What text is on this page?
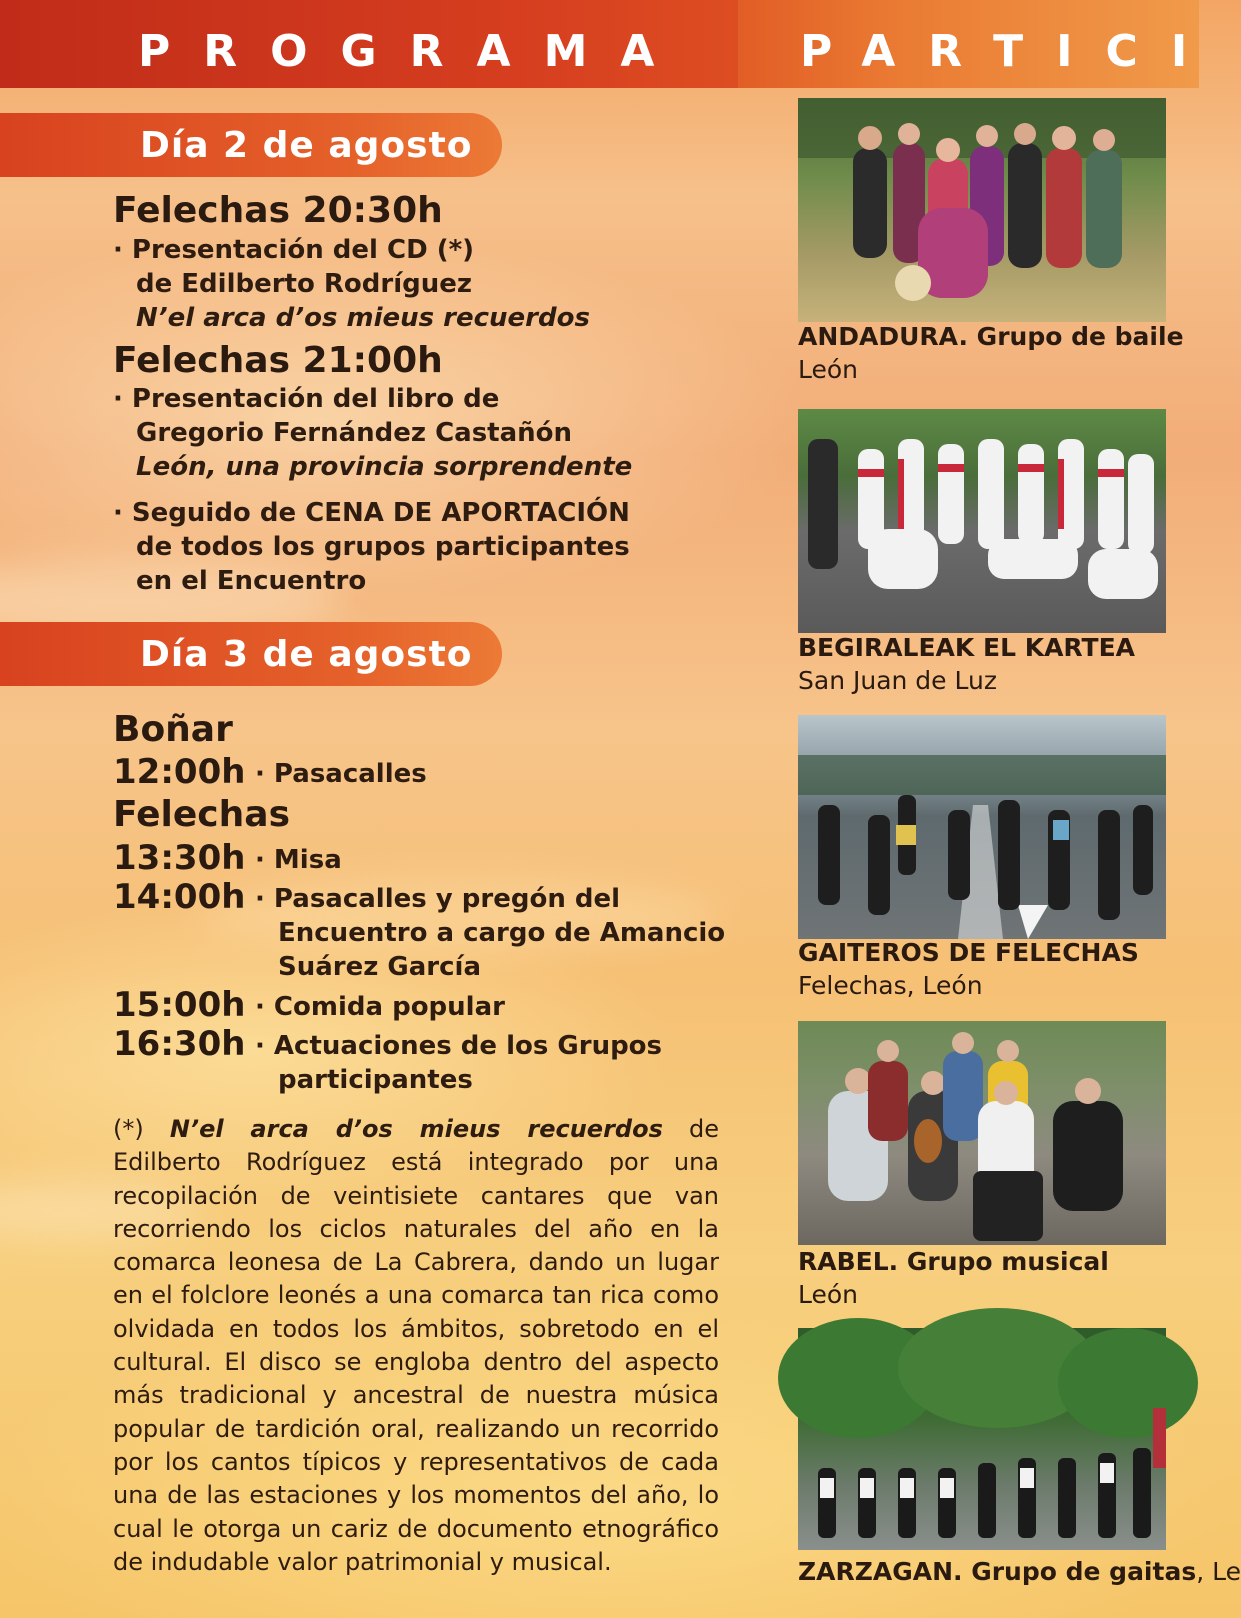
PROGRAMA	PARTICI
Día 2 de agosto
Felechas 20:30h
· Presentación del CD (*)
de Edilberto Rodríguez
N’el arca d’os mieus recuerdos
Felechas 21:00h
· Presentación del libro de
Gregorio Fernández Castañón
León, una provincia sorprendente
· Seguido de CENA DE APORTACIÓN
de todos los grupos participantes
en el Encuentro
Día 3 de agosto
Boñar
12:00h · Pasacalles
Felechas
13:30h · Misa
14:00h · Pasacalles y pregón del
Encuentro a cargo de Amancio
Suárez García
15:00h · Comida popular
16:30h · Actuaciones de los Grupos
participantes
(*) N’el arca d’os mieus recuerdos de Edilberto Rodríguez está integrado por una recopilación de veintisiete cantares que van recorriendo los ciclos naturales del año en la comarca leonesa de La Cabrera, dando un lugar en el folclore leonés a una comarca tan rica como olvidada en todos los ámbitos, sobretodo en el cultural. El disco se engloba dentro del aspecto más tradicional y ancestral de nuestra música popular de tardición oral, realizando un recorrido por los cantos típicos y representativos de cada una de las estaciones y los momentos del año, lo cual le otorga un cariz de documento etnográfico de indudable valor patrimonial y musical.
ANDADURA. Grupo de baile
León
BEGIRALEAK EL KARTEA
San Juan de Luz
GAITEROS DE FELECHAS
Felechas, León
RABEL. Grupo musical
León
ZARZAGAN. Grupo de gaitas, Le
